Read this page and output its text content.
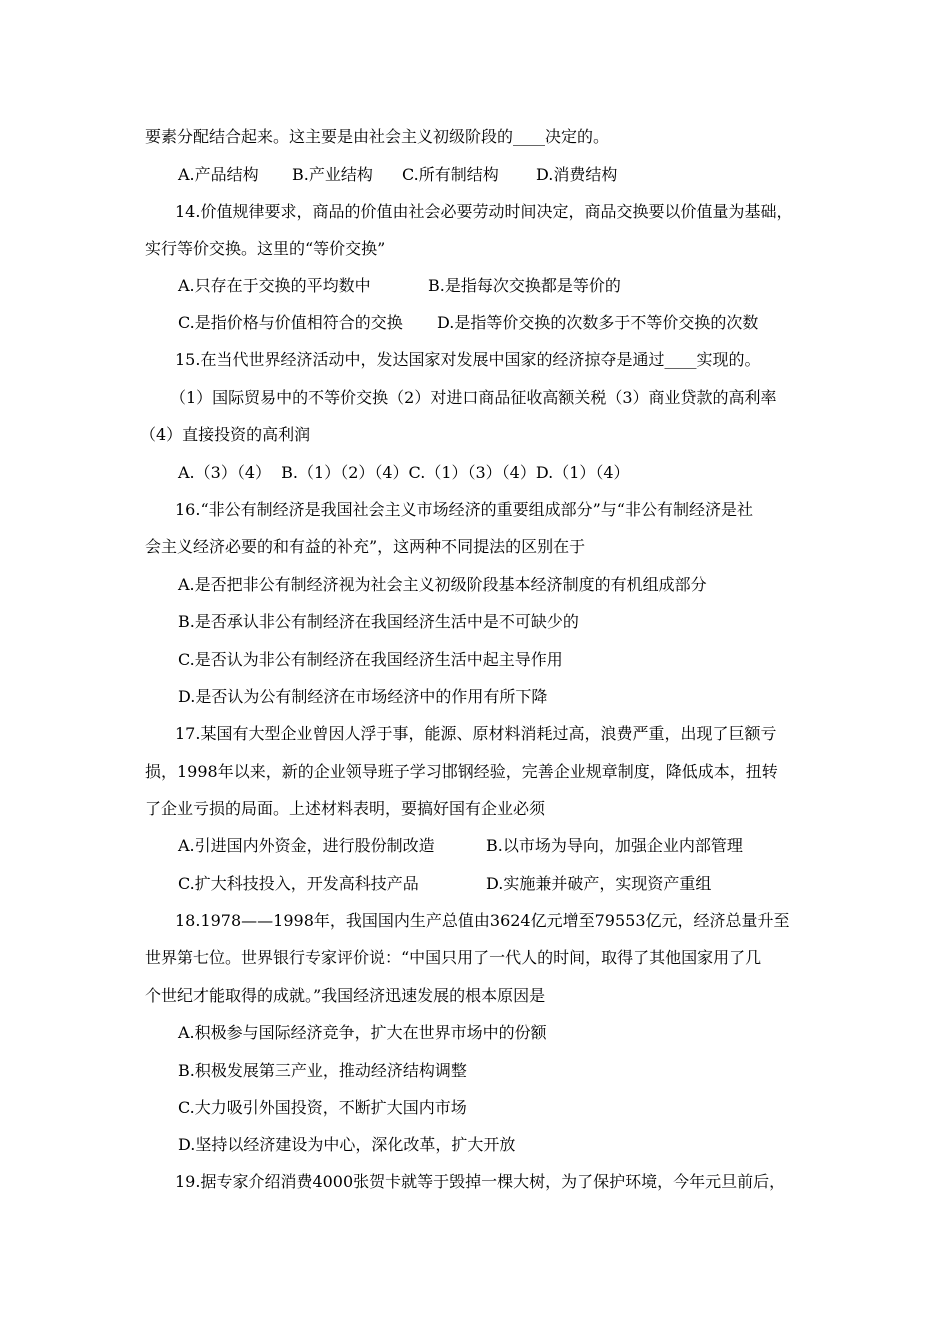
要素分配结合起来。这主要是由社会主义初级阶段的____决定的。
A.产品结构 B.产业结构 C.所有制结构 D.消费结构
14.价值规律要求，商品的价值由社会必要劳动时间决定，商品交换要以价值量为基础，
实行等价交换。这里的“等价交换”
A.只存在于交换的平均数中	B.是指每次交换都是等价的
C.是指价格与价值相符合的交换 D.是指等价交换的次数多于不等价交换的次数
15.在当代世界经济活动中，发达国家对发展中国家的经济掠夺是通过____实现的。
（1）国际贸易中的不等价交换（2）对进口商品征收高额关税（3）商业贷款的高利率
（4）直接投资的高利润
A.（3）（4）  B.（1）（2）（4）C.（1）（3）（4）D.（1）（4）
16.“非公有制经济是我国社会主义市场经济的重要组成部分”与“非公有制经济是社
会主义经济必要的和有益的补充”，这两种不同提法的区别在于
A.是否把非公有制经济视为社会主义初级阶段基本经济制度的有机组成部分
B.是否承认非公有制经济在我国经济生活中是不可缺少的
C.是否认为非公有制经济在我国经济生活中起主导作用
D.是否认为公有制经济在市场经济中的作用有所下降
17.某国有大型企业曾因人浮于事，能源、原材料消耗过高，浪费严重，出现了巨额亏
损，1998年以来，新的企业领导班子学习邯钢经验，完善企业规章制度，降低成本，扭转
了企业亏损的局面。上述材料表明，要搞好国有企业必须
A.引进国内外资金，进行股份制改造	B.以市场为导向，加强企业内部管理
C.扩大科技投入，开发高科技产品	D.实施兼并破产，实现资产重组
18.1978——1998年，我国国内生产总值由3624亿元增至79553亿元，经济总量升至
世界第七位。世界银行专家评价说：“中国只用了一代人的时间，取得了其他国家用了几
个世纪才能取得的成就。”我国经济迅速发展的根本原因是
A.积极参与国际经济竞争，扩大在世界市场中的份额
B.积极发展第三产业，推动经济结构调整
C.大力吸引外国投资，不断扩大国内市场
D.坚持以经济建设为中心，深化改革，扩大开放
19.据专家介绍消费4000张贺卡就等于毁掉一棵大树，为了保护环境，今年元旦前后，
